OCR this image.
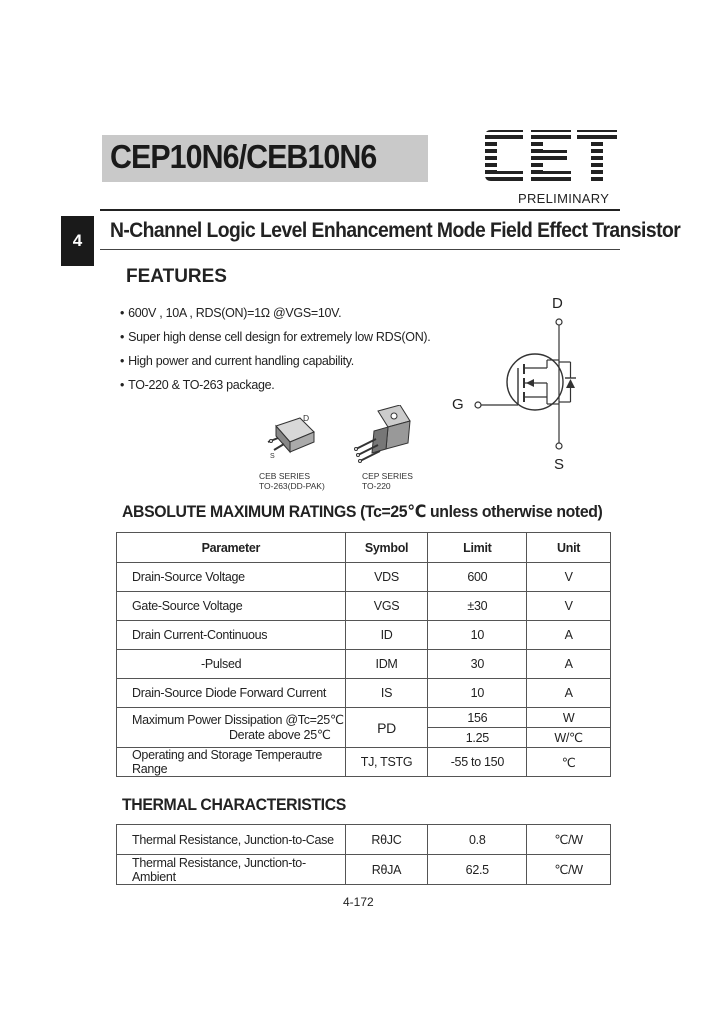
CEP10N6/CEB10N6
CET
PRELIMINARY
4	N-Channel Logic Level Enhancement Mode Field Effect Transistor
FEATURES
• 600V , 10A , RDS(ON)=1Ω @VGS=10V.
• Super high dense cell design for extremely low RDS(ON).
• High power and current handling capability.
• TO-220 & TO-263 package.
S
D
CEB SERIES
TO-263(DD-PAK)
CEP SERIES
TO-220
D
G
S
ABSOLUTE MAXIMUM RATINGS (Tc=25℃ unless otherwise noted)
Parameter	Symbol	Limit	Unit
Drain-Source Voltage	VDS	600	V
Gate-Source Voltage	VGS	±30	V
Drain Current-Continuous	ID	10	A
-Pulsed	IDM	30	A
Drain-Source Diode Forward Current	IS	10	A

Maximum Power Dissipation @Tc=25℃
Derate above 25℃	PD	156	W
		1.25	W/℃
Operating and Storage Temperautre Range	TJ, TSTG	-55 to 150	℃
THERMAL CHARACTERISTICS
Thermal Resistance, Junction-to-Case	RθJC	0.8	℃/W
Thermal Resistance, Junction-to-Ambient	RθJA	62.5	℃/W
4-172
